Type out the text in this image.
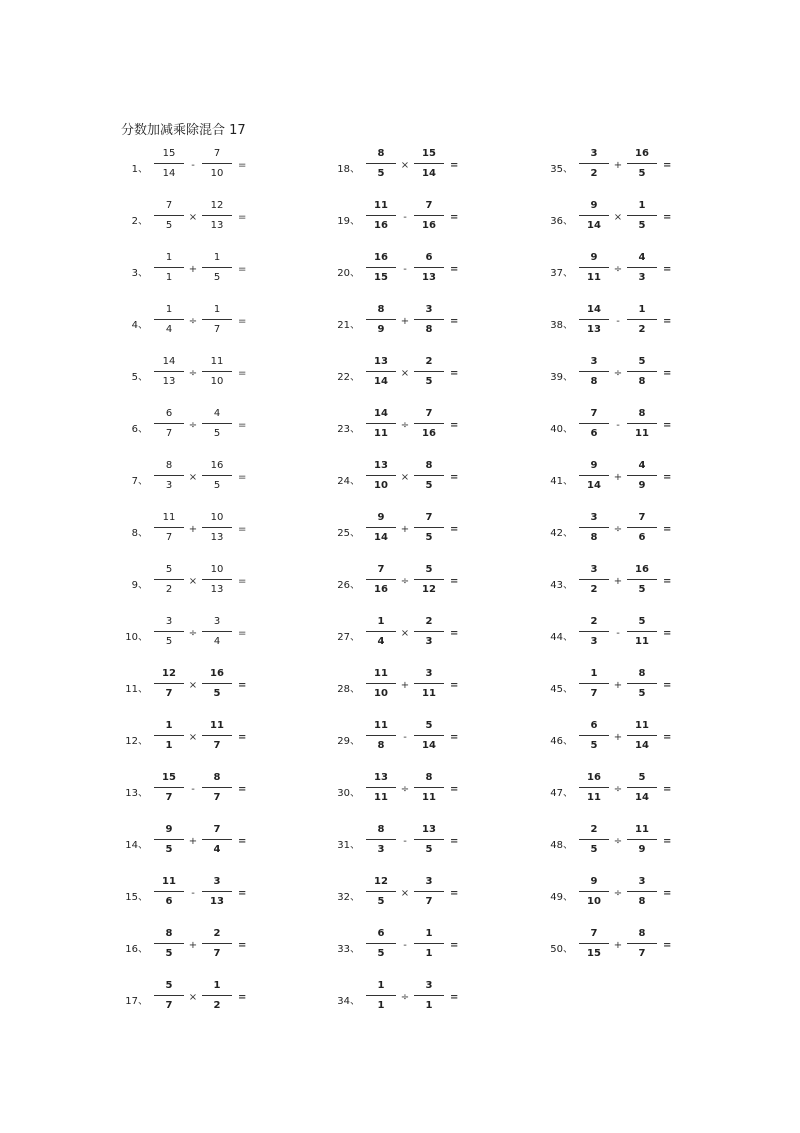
分数加减乘除混合 17
1、
15
14
-
7
10
=
2、
7
5
×
12
13
=
3、
1
1
+
1
5
=
4、
1
4
÷
1
7
=
5、
14
13
÷
11
10
=
6、
6
7
÷
4
5
=
7、
8
3
×
16
5
=
8、
11
7
+
10
13
=
9、
5
2
×
10
13
=
10、
3
5
÷
3
4
=
11、
12
7
×
16
5
=
12、
1
1
×
11
7
=
13、
15
7
-
8
7
=
14、
9
5
+
7
4
=
15、
11
6
-
3
13
=
16、
8
5
+
2
7
=
17、
5
7
×
1
2
=
18、
8
5
×
15
14
=
19、
11
16
-
7
16
=
20、
16
15
-
6
13
=
21、
8
9
+
3
8
=
22、
13
14
×
2
5
=
23、
14
11
÷
7
16
=
24、
13
10
×
8
5
=
25、
9
14
+
7
5
=
26、
7
16
÷
5
12
=
27、
1
4
×
2
3
=
28、
11
10
+
3
11
=
29、
11
8
-
5
14
=
30、
13
11
÷
8
11
=
31、
8
3
-
13
5
=
32、
12
5
×
3
7
=
33、
6
5
-
1
1
=
34、
1
1
÷
3
1
=
35、
3
2
+
16
5
=
36、
9
14
×
1
5
=
37、
9
11
÷
4
3
=
38、
14
13
-
1
2
=
39、
3
8
÷
5
8
=
40、
7
6
-
8
11
=
41、
9
14
+
4
9
=
42、
3
8
÷
7
6
=
43、
3
2
+
16
5
=
44、
2
3
-
5
11
=
45、
1
7
+
8
5
=
46、
6
5
+
11
14
=
47、
16
11
÷
5
14
=
48、
2
5
÷
11
9
=
49、
9
10
÷
3
8
=
50、
7
15
+
8
7
=
